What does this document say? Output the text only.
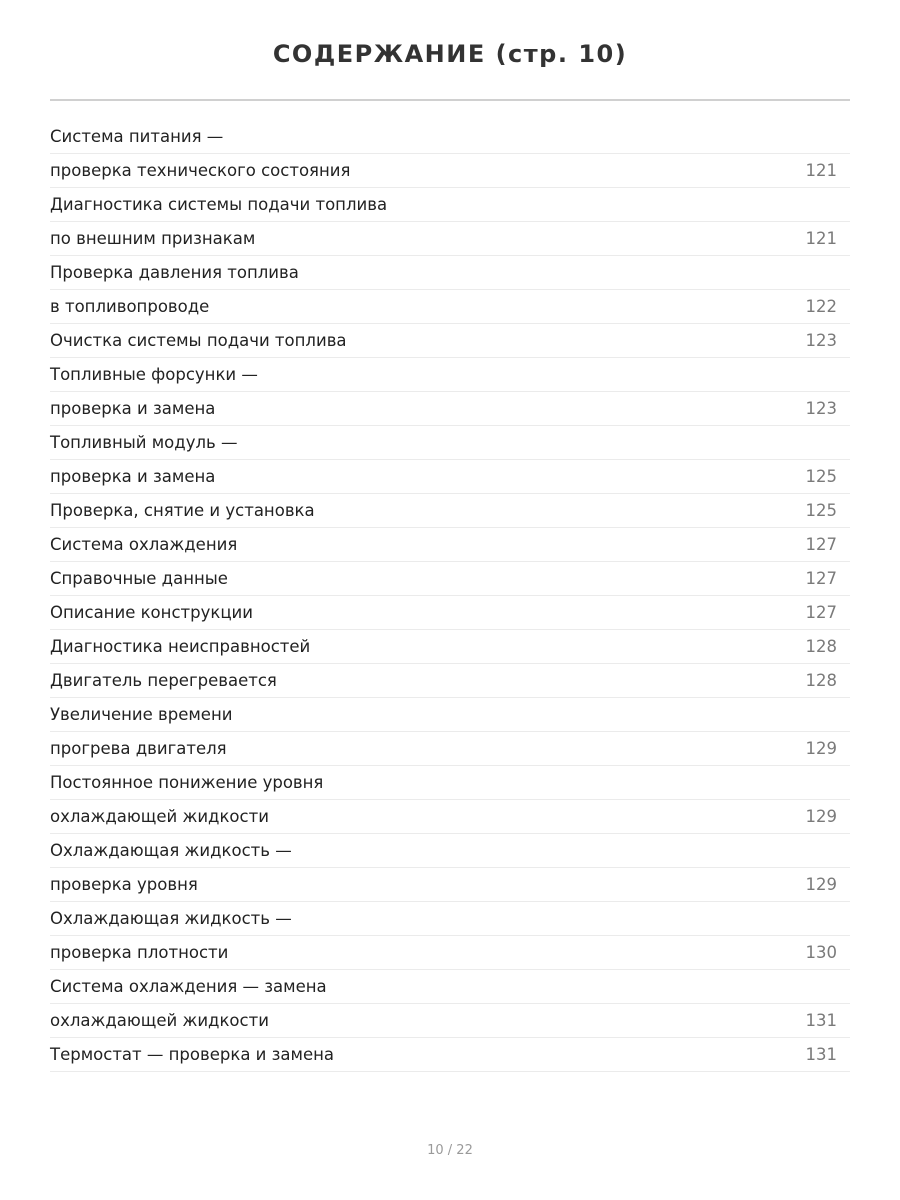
СОДЕРЖАНИЕ (стр. 10)
Система питания —
проверка технического состояния	121
Диагностика системы подачи топлива
по внешним признакам	121
Проверка давления топлива
в топливопроводе	122
Очистка системы подачи топлива	123
Топливные форсунки —
проверка и замена	123
Топливный модуль —
проверка и замена	125
Проверка, снятие и установка	125
Система охлаждения	127
Справочные данные	127
Описание конструкции	127
Диагностика неисправностей	128
Двигатель перегревается	128
Увеличение времени
прогрева двигателя	129
Постоянное понижение уровня
охлаждающей жидкости	129
Охлаждающая жидкость —
проверка уровня	129
Охлаждающая жидкость —
проверка плотности	130
Система охлаждения — замена
охлаждающей жидкости	131
Термостат — проверка и замена	131
10 / 22
